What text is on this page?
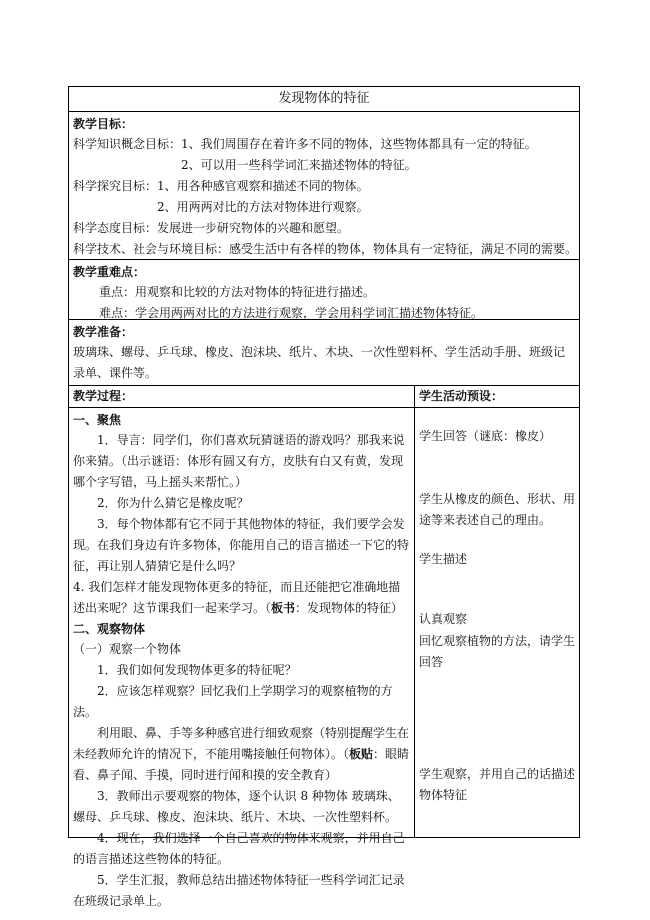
发现物体的特征
教学目标：
科学知识概念目标：1、我们周围存在着许多不同的物体，这些物体都具有一定的特征。
2、可以用一些科学词汇来描述物体的特征。
科学探究目标：1、用各种感官观察和描述不同的物体。
2、用两两对比的方法对物体进行观察。
科学态度目标：发展进一步研究物体的兴趣和愿望。
科学技术、社会与环境目标：感受生活中有各样的物体，物体具有一定特征，满足不同的需要。
教学重难点：
重点：用观察和比较的方法对物体的特征进行描述。
难点：学会用两两对比的方法进行观察，学会用科学词汇描述物体特征。
教学准备：
玻璃珠、螺母、乒乓球、橡皮、泡沫块、纸片、木块、一次性塑料杯、学生活动手册、班级记录单、课件等。
教学过程：
一、聚焦

1．导言：同学们，你们喜欢玩猜谜语的游戏吗？那我来说你来猜。（出示谜语：体形有圆又有方，皮肤有白又有黄，发现哪个字写错，马上摇头来帮忙。）

2．你为什么猜它是橡皮呢？

3．每个物体都有它不同于其他物体的特征，我们要学会发现。在我们身边有许多物体，你能用自己的语言描述一下它的特征，再让别人猜猜它是什么吗？

4. 我们怎样才能发现物体更多的特征，而且还能把它准确地描述出来呢？这节课我们一起来学习。（板书：发现物体的特征）

二、观察物体

（一）观察一个物体

1．我们如何发现物体更多的特征呢？

2．应该怎样观察？回忆我们上学期学习的观察植物的方法。

利用眼、鼻、手等多种感官进行细致观察（特别提醒学生在未经教师允许的情况下，不能用嘴接触任何物体）。（板贴：眼睛看、鼻子闻、手摸，同时进行闻和摸的安全教育）

3．教师出示要观察的物体，逐个认识 8 种物体 玻璃珠、螺母、乒乓球、橡皮、泡沫块、纸片、木块、一次性塑料杯。

4．现在，我们选择一个自己喜欢的物体来观察，并用自己的语言描述这些物体的特征。

5．学生汇报，教师总结出描述物体特征一些科学词汇记录在班级记录单上。

学生活动预设：
学生回答（谜底：橡皮）
学生从橡皮的颜色、形状、用途等来表述自己的理由。
学生描述
认真观察
回忆观察植物的方法，请学生回答
学生观察，并用自己的话描述物体特征
